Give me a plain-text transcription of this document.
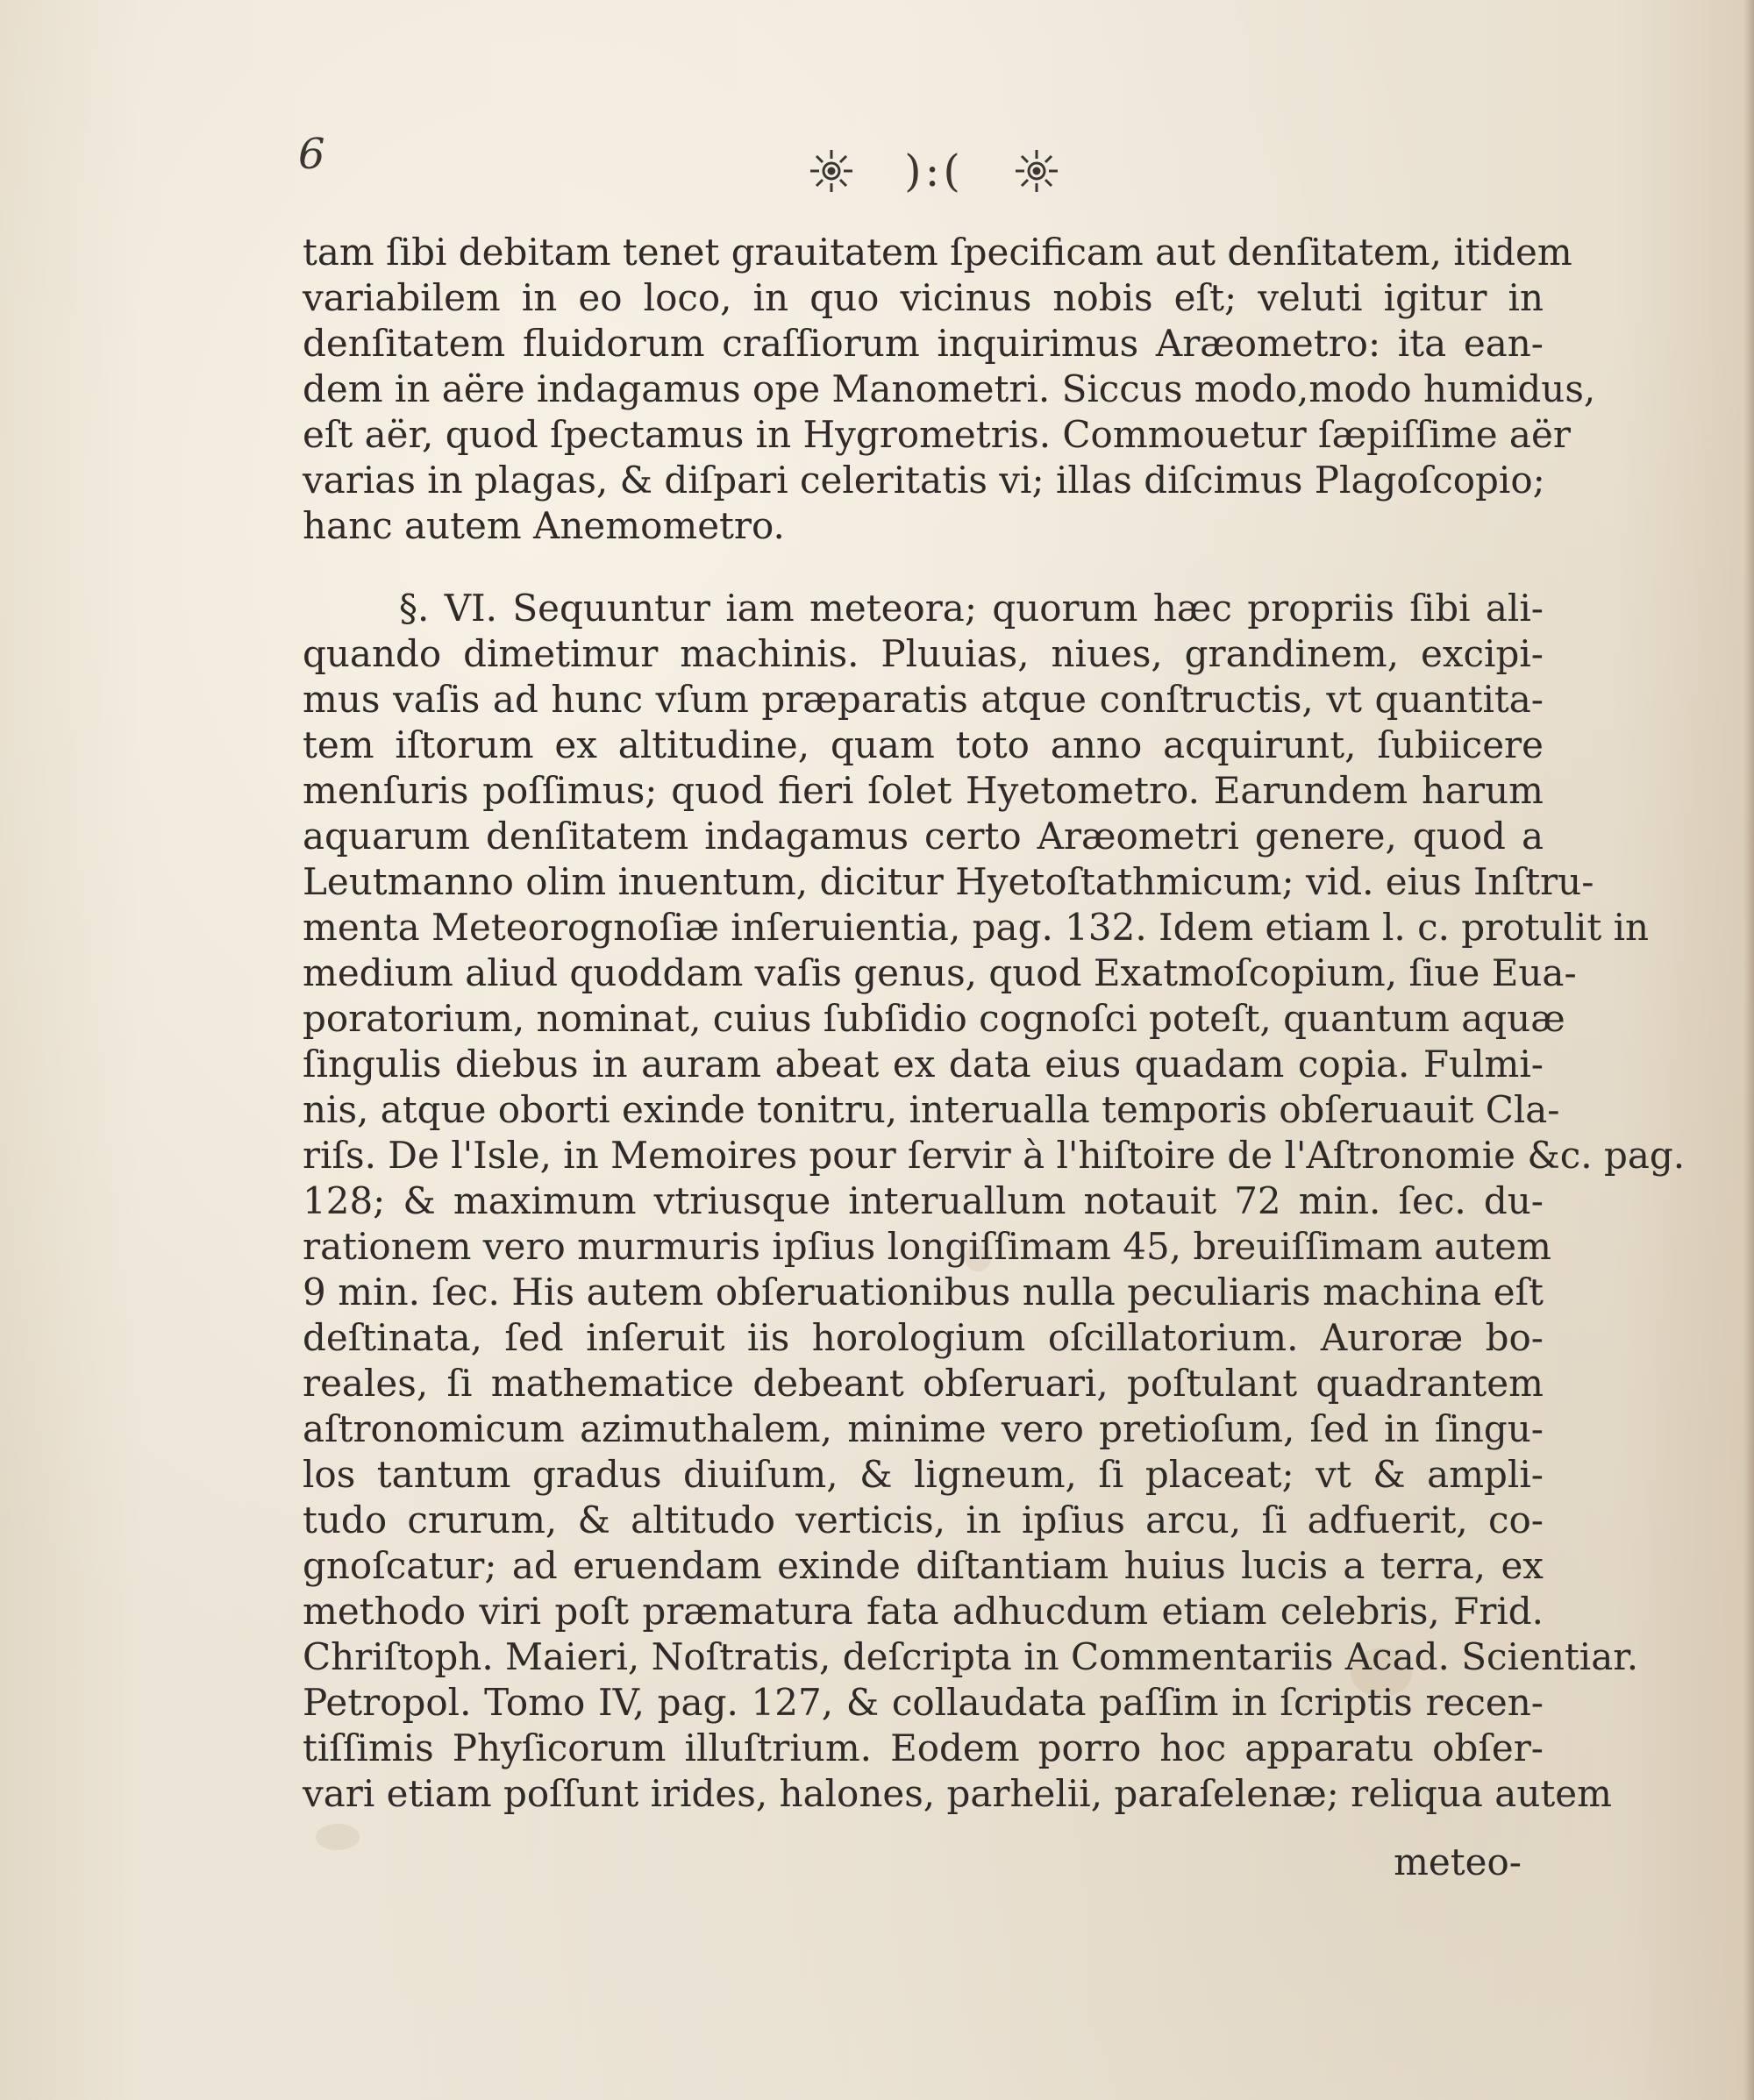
6	):(
tam ſibi debitam tenet grauitatem ſpecificam aut denſitatem, itidem
variabilem in eo loco, in quo vicinus nobis eſt; veluti igitur in
denſitatem fluidorum craſſiorum inquirimus Aræometro: ita ean-
dem in aëre indagamus ope Manometri. Siccus modo,modo humidus,
eſt aër, quod ſpectamus in Hygrometris. Commouetur ſæpiſſime aër
varias in plagas, & diſpari celeritatis vi; illas diſcimus Plagoſcopio;
hanc autem Anemometro.
§. VI. Sequuntur iam meteora; quorum hæc propriis ſibi ali-
quando dimetimur machinis. Pluuias, niues, grandinem, excipi-
mus vaſis ad hunc vſum præparatis atque conſtructis, vt quantita-
tem iſtorum ex altitudine, quam toto anno acquirunt, ſubiicere
menſuris poſſimus; quod fieri ſolet Hyetometro. Earundem harum
aquarum denſitatem indagamus certo Aræometri genere, quod a
Leutmanno olim inuentum, dicitur Hyetoſtathmicum; vid. eius Inſtru-
menta Meteorognoſiæ inſeruientia, pag. 132. Idem etiam l. c. protulit in
medium aliud quoddam vaſis genus, quod Exatmoſcopium, ſiue Eua-
poratorium, nominat, cuius ſubſidio cognoſci poteſt, quantum aquæ
ſingulis diebus in auram abeat ex data eius quadam copia. Fulmi-
nis, atque oborti exinde tonitru, interualla temporis obſeruauit Cla-
riſs. De l'Isle, in Memoires pour ſervir à l'hiſtoire de l'Aſtronomie &c. pag.
128; & maximum vtriusque interuallum notauit 72 min. ſec. du-
rationem vero murmuris ipſius longiſſimam 45, breuiſſimam autem
9 min. ſec. His autem obſeruationibus nulla peculiaris machina eſt
deſtinata, ſed inſeruit iis horologium oſcillatorium. Auroræ bo-
reales, ſi mathematice debeant obſeruari, poſtulant quadrantem
aſtronomicum azimuthalem, minime vero pretioſum, ſed in ſingu-
los tantum gradus diuiſum, & ligneum, ſi placeat; vt & ampli-
tudo crurum, & altitudo verticis, in ipſius arcu, ſi adfuerit, co-
gnoſcatur; ad eruendam exinde diſtantiam huius lucis a terra, ex
methodo viri poſt præmatura fata adhucdum etiam celebris, Frid.
Chriſtoph. Maieri, Noſtratis, deſcripta in Commentariis Acad. Scientiar.
Petropol. Tomo IV, pag. 127, & collaudata paſſim in ſcriptis recen-
tiſſimis Phyſicorum illuſtrium. Eodem porro hoc apparatu obſer-
vari etiam poſſunt irides, halones, parhelii, paraſelenæ; reliqua autem

meteo-
